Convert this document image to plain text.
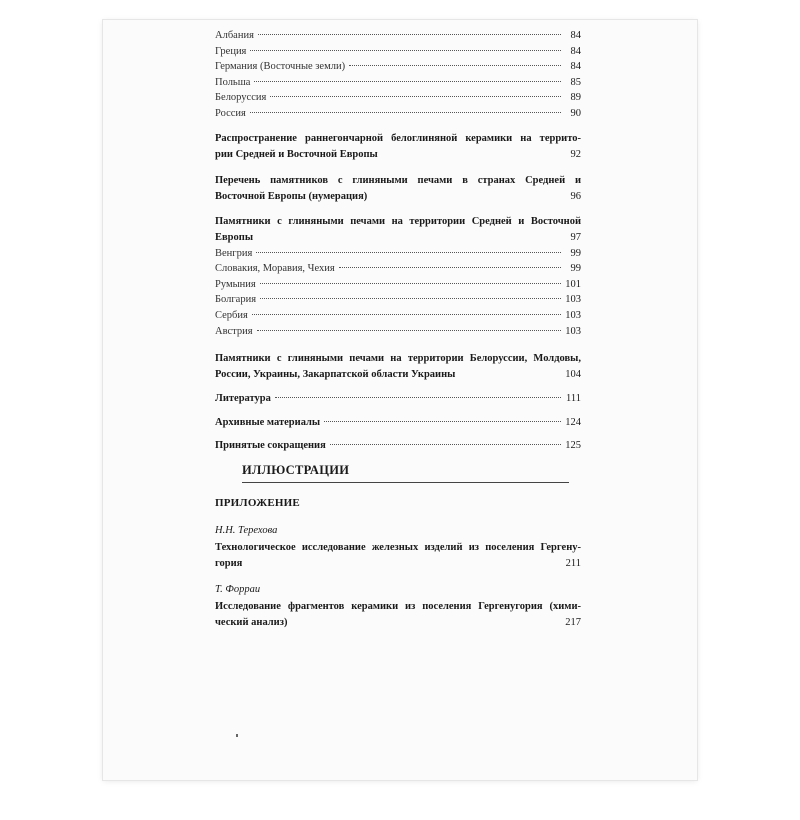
Албания	84
Греция	84
Германия (Восточные земли)	84
Польша	85
Белоруссия	89
Россия	90
Распространение раннегончарной белоглиняной керамики на террито-
рии Средней и Восточной Европы	92
Перечень памятников с глиняными печами в странах Средней и
Восточной Европы (нумерация)	96
Памятники с глиняными печами на территории Средней и Восточной
Европы	97
Венгрия	99
Словакия, Моравия, Чехия	99
Румыния	101
Болгария	103
Сербия	103
Австрия	103
Памятники с глиняными печами на территории Белоруссии, Молдовы,
России, Украины, Закарпатской области Украины	104
Литература	111
Архивные материалы	124
Принятые сокращения	125
ИЛЛЮСТРАЦИИ
ПРИЛОЖЕНИЕ
Н.Н. Терехова
Технологическое исследование железных изделий из поселения Гергену-
гория	211
Т. Форраи
Исследование фрагментов керамики из поселения Гергенугория (хими-
ческий анализ)	217
